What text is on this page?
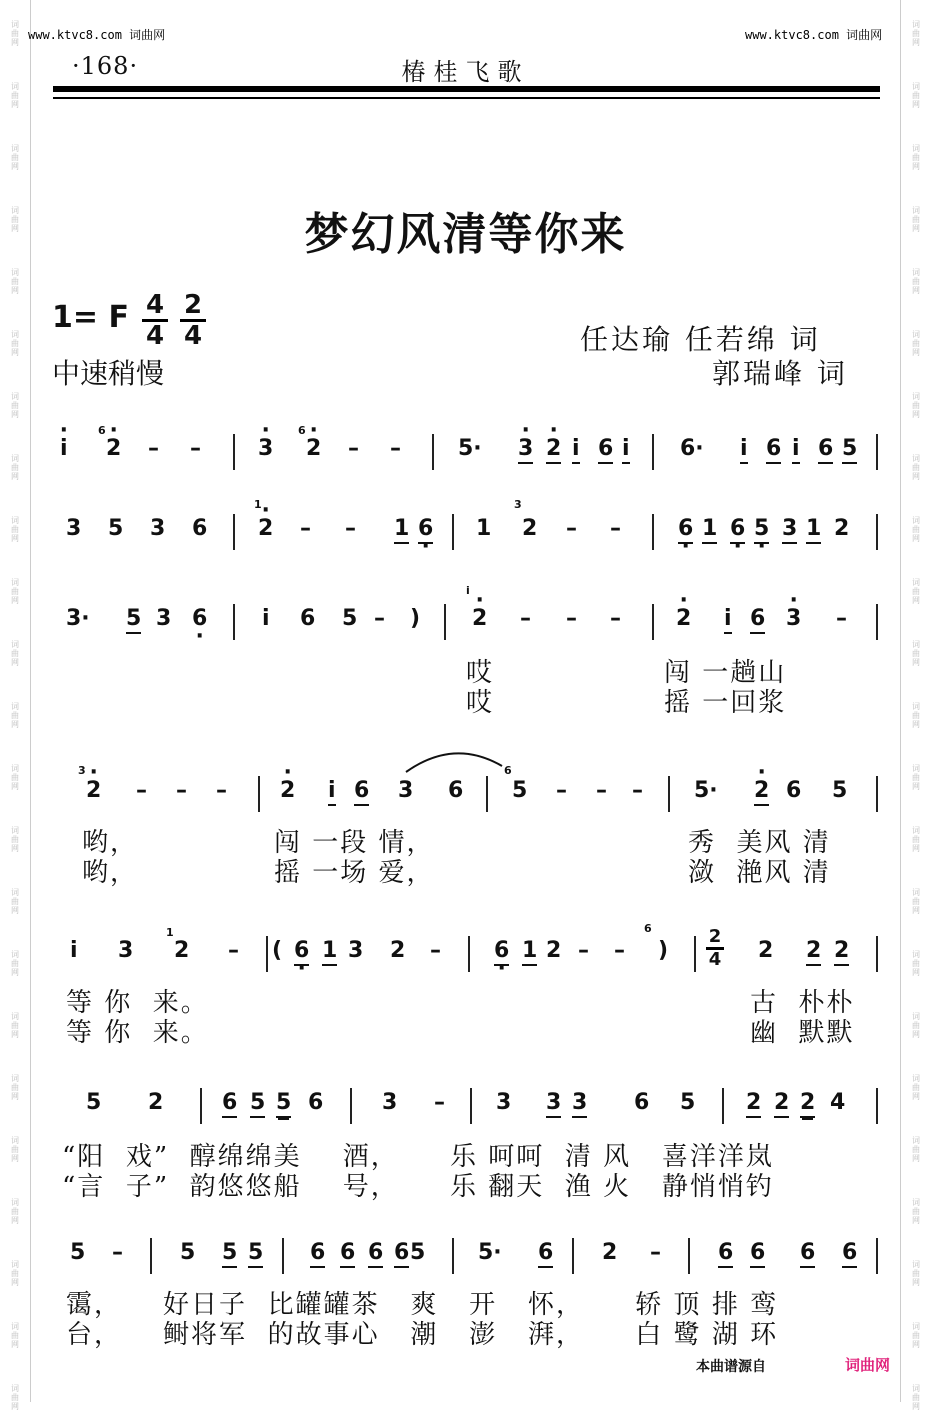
词
曲
网
词
曲
网
词
曲
网
词
曲
网
词
曲
网
词
曲
网
词
曲
网
词
曲
网
词
曲
网
词
曲
网
词
曲
网
词
曲
网
词
曲
网
词
曲
网
词
曲
网
词
曲
网
词
曲
网
词
曲
网
词
曲
网
词
曲
网
词
曲
网
词
曲
网
词
曲
网
词
曲
网
词
曲
网
词
曲
网
词
曲
网
词
曲
网
词
曲
网
词
曲
网
词
曲
网
词
曲
网
词
曲
网
词
曲
网
词
曲
网
词
曲
网
词
曲
网
词
曲
网
词
曲
网
词
曲
网
词
曲
网
词
曲
网
词
曲
网
词
曲
网
词
曲
网
词
曲
网
www.ktvc8.com 词曲网	www.ktvc8.com 词曲网
·168·	椿桂飞歌
梦幻风清等你来
1= F 4
4
2
4
中速稍慢
任达瑜 任若绵 词
郭瑞峰 词
· i
6
· 2 – –	· 3
6
· 2 – –	5· · 3 · 2 i 6 i 6· i 6 i 6 5
3 5 3 6
1
· 2 – – 1 6 · 1
3
2 – –	6 · 1 6 · 5 · 3 1 2
3· 5 3 6 · i 6 5 – )
i
· 2 – – –	· 2 i 6 · 3 –
哎	闯 一趟山
哎	摇 一回浆
3
· 2 – – – · 2 i 6 3 6
6
5 – – – 5· · 2 6 5
哟，	闯 一段 情，	秀  美风 清
哟，	摇 一场 爱，	潋  滟风 清
i 3
1
2 – ( 6 · 1 3 2 – 6 · 1 2 – –
6
)
2
4 2 2 2
等 你  来。	古  朴朴
等 你  来。	幽  默默
5 2	6 5 5 6	3 – 3 3 3 6 5 2 2 2 4
“阳  戏”  醇绵绵美    酒，     乐 呵呵  清 风   喜洋洋岚
“言  子”  韵悠悠船    号，     乐 翻天  渔 火   静悄悄钓
5 –	5 5 5 6 6 6 6 5 5· 6 2 –	6 6 6 6
霭，    好日子  比罐罐茶   爽   开   怀，     轿 顶 排 鸾
台，    鲥将军  的故事心   潮   澎   湃，     白 鹭 湖 环
本曲谱源自	词曲网
